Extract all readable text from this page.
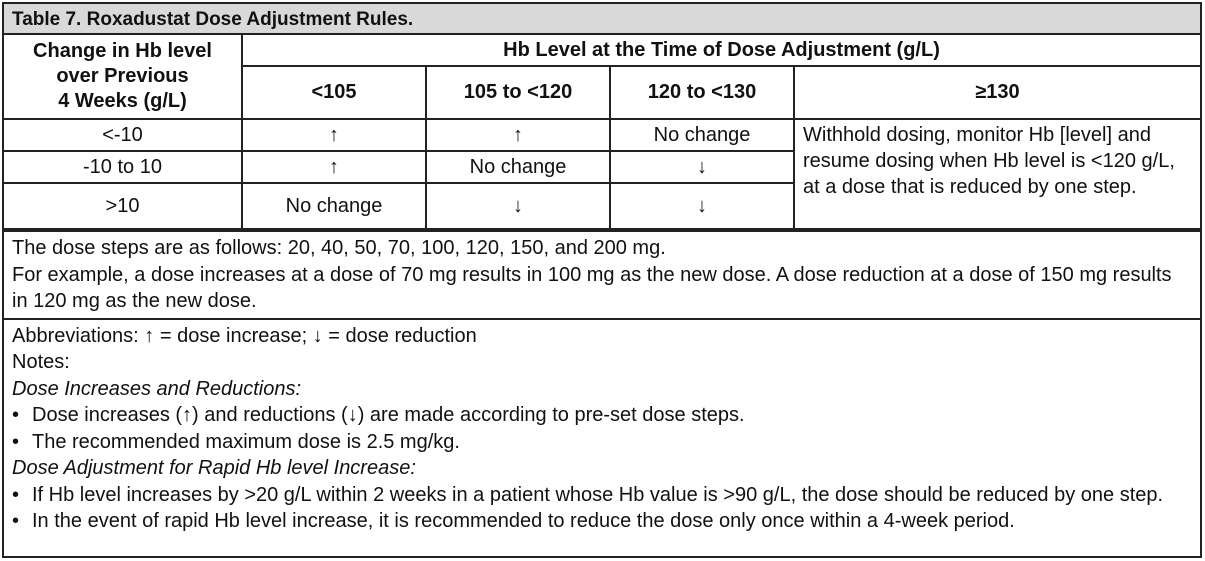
Table 7. Roxadustat Dose Adjustment Rules.
Change in Hb level
over Previous
4 Weeks (g/L)	Hb Level at the Time of Dose Adjustment (g/L)			
	<105	105 to <120	120 to <130	≥130
<-10	↑	↑	No change	Withhold dosing, monitor Hb [level] and resume dosing when Hb level is <120 g/L, at a dose that is reduced by one step.
-10 to 10	↑	No change	↓	
>10	No change	↓	↓	

The dose steps are as follows: 20, 40, 50, 70, 100, 120, 150, and 200 mg.

For example, a dose increases at a dose of 70 mg results in 100 mg as the new dose. A dose reduction at a dose of 150 mg results in 120 mg as the new dose.

Abbreviations: ↑ = dose increase; ↓ = dose reduction

Notes:

Dose Increases and Reductions:

• Dose increases (↑) and reductions (↓) are made according to pre-set dose steps.

• The recommended maximum dose is 2.5 mg/kg.

Dose Adjustment for Rapid Hb level Increase:

• If Hb level increases by >20 g/L within 2 weeks in a patient whose Hb value is >90 g/L, the dose should be reduced by one step.

• In the event of rapid Hb level increase, it is recommended to reduce the dose only once within a 4-week period.
